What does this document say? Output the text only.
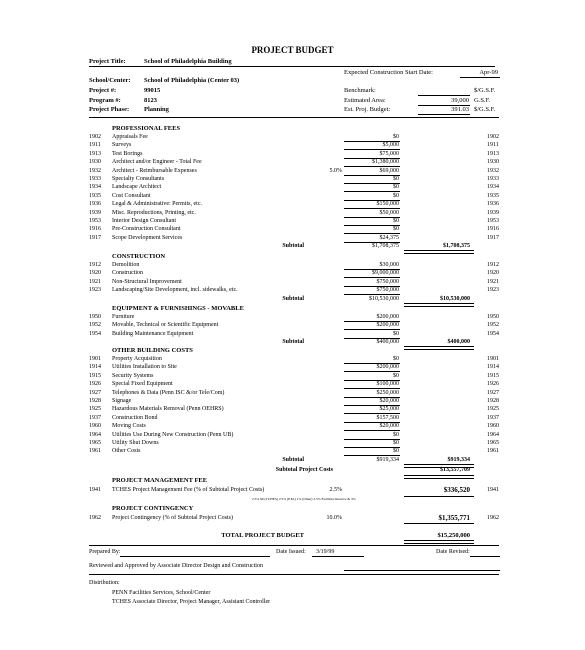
PROJECT BUDGET
Project Title:	School of Philadelphia Building
Expected Construction Start Date:	Apr-99
School/Center: School of Philadelphia (Center 03)
Project #:	99015	Benchmark:	$/G.S.F.
Program #:	8123	Estimated Area:	39,000 G.S.F.
Project Phase: Planning	Est. Proj. Budget:	391.03 $/G.S.F.
PROFESSIONAL FEES
1902 Appraisals Fee	$0	1902
1911 Surveys	$5,000	1911
1913 Test Borings	$75,000	1913
1930 Architect and/or Engineer - Total Fee	$1,380,000	1930
1932 Architect - Reimbursable Expenses	5.0%	$69,000	1932
1933 Specialty Consultants	$0	1933
1934 Landscape Architect	$0	1934
1935 Cost Consultant	$0	1935
1936 Legal & Administrative: Permits, etc.	$150,000	1936
1939 Misc. Reproductions, Printing, etc.	$50,000	1939
1953 Interior Design Consultant	$0	1953
1916 Pre-Construction Consultant	$0	1916
1917 Scope Development Services	$24,375	1917
Subtotal	$1,708,375	$1,708,375
CONSTRUCTION
1912 Demolition	$30,000	1912
1920 Construction	$9,000,000	1920
1921 Non-Structural Improvement	$750,000	1921
1923 Landscaping/Site Development, incl. sidewalks, etc.	$750,000	1923
Subtotal	$10,530,000	$10,530,000
EQUIPMENT & FURNISHINGS - MOVABLE
1950 Furniture	$200,000	1950
1952 Movable, Technical or Scientific Equipment	$200,000	1952
1954 Building Maintenance Equipment	$0	1954
Subtotal	$400,000	$400,000
OTHER BUILDING COSTS
1901 Property Acquisition	$0	1901
1914 Utilities Installation to Site	$200,000	1914
1915 Security Systems	$0	1915
1926 Special Fixed Equipment	$100,000	1926
1927 Telephones & Data (Penn ISC &/or Tele/Com)	$250,000	1927
1928 Signage	$20,000	1928
1925 Hazardous Materials Removal (Penn OEHRS)	$25,000	1925
1937 Construction Bond	$157,500	1937
1960 Moving Costs	$20,000	1960
1964 Utilities Use During New Construction (Penn UB)	$0	1964
1965 Utility Shut Downs	$0	1965
1961 Other Costs	$0	1961
Subtotal	$919,334	$919,334
Subtotal Project Costs	$13,557,709
PROJECT MANAGEMENT FEE
1941 TCHES Project Management Fee (% of Subtotal Project Costs)	2.5%	$336,520	1941
2.5% $0 (TCHES) 2.5% (P.M.) 1% (Other) 2.5% Facilities Reserve & 3%
PROJECT CONTINGENCY
1962 Project Contingency (% of Subtotal Project Costs)	10.0%	$1,355,771	1962
TOTAL PROJECT BUDGET	$15,250,000
Prepared By:	Date Issued: 3/19/99	Date Revised:
Reviewed and Approved by Associate Director Design and Construction
Distribution:
PENN Facilities Services, School/Center
TCHES Associate Director, Project Manager, Assistant Controller
